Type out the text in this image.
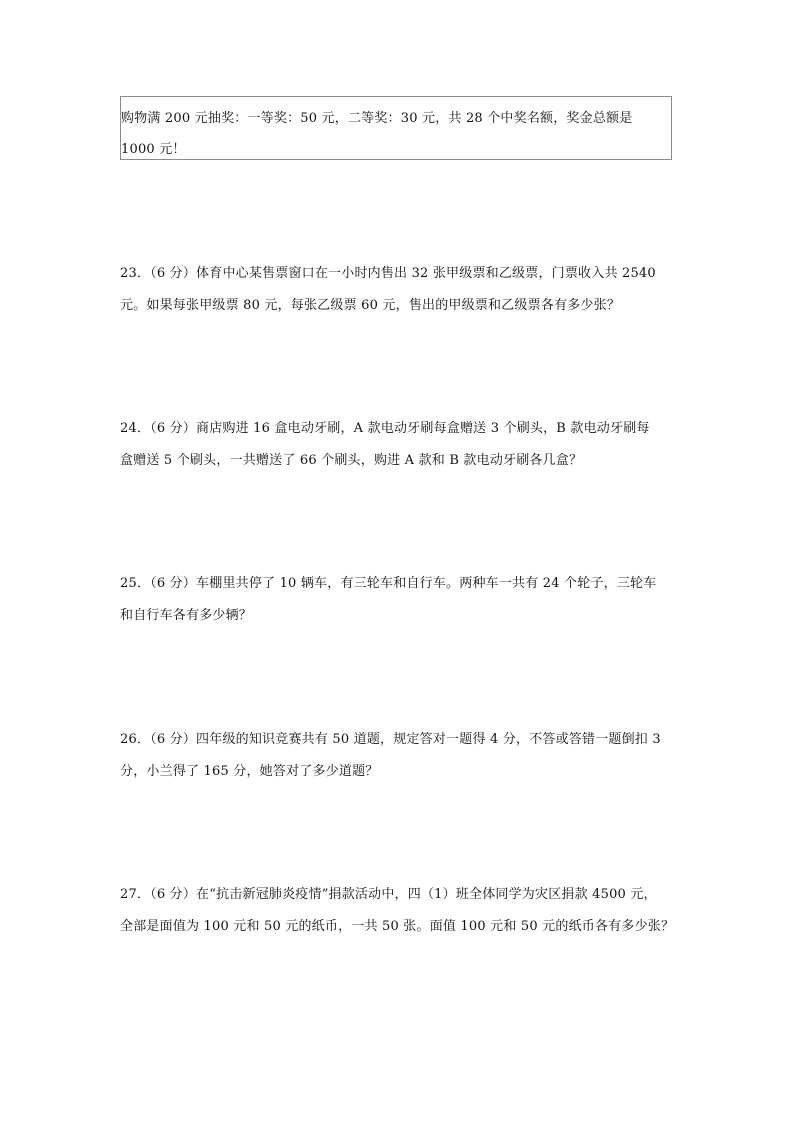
购物满 200 元抽奖：一等奖：50 元，二等奖：30 元，共 28 个中奖名额，奖金总额是
1000 元！
23．（6 分）体育中心某售票窗口在一小时内售出 32 张甲级票和乙级票，门票收入共 2540
元。如果每张甲级票 80 元，每张乙级票 60 元，售出的甲级票和乙级票各有多少张？
24．（6 分）商店购进 16 盒电动牙刷，A 款电动牙刷每盒赠送 3 个刷头，B 款电动牙刷每
盒赠送 5 个刷头，一共赠送了 66 个刷头，购进 A 款和 B 款电动牙刷各几盒？
25．（6 分）车棚里共停了 10 辆车，有三轮车和自行车。两种车一共有 24 个轮子，三轮车
和自行车各有多少辆？
26．（6 分）四年级的知识竞赛共有 50 道题，规定答对一题得 4 分，不答或答错一题倒扣 3
分，小兰得了 165 分，她答对了多少道题？
27．（6 分）在“抗击新冠肺炎疫情”捐款活动中，四（1）班全体同学为灾区捐款 4500 元，
全部是面值为 100 元和 50 元的纸币，一共 50 张。面值 100 元和 50 元的纸币各有多少张？
